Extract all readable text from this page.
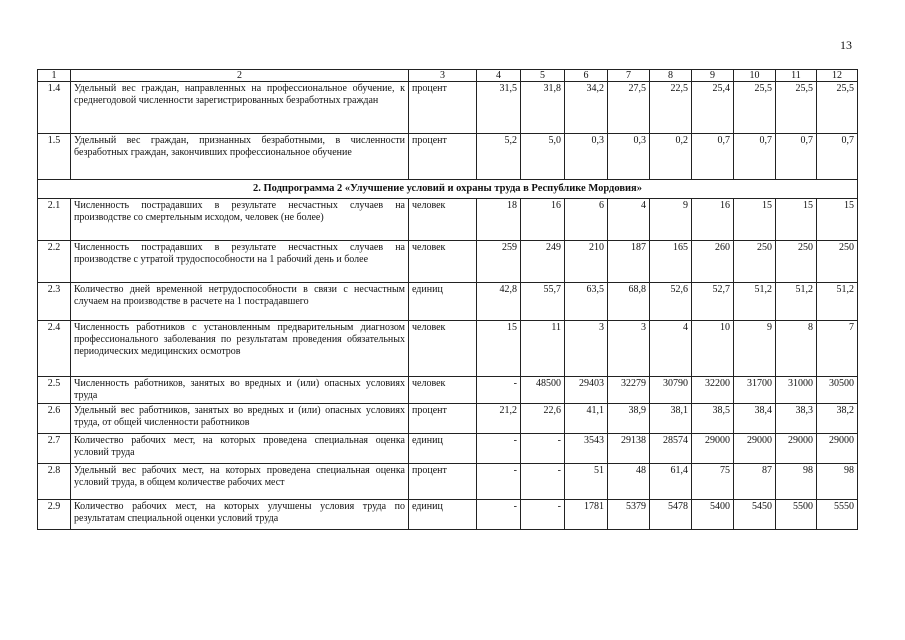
13
1	2	3	4	5	6	7	8	9	10	11	12
1.4	Удельный вес граждан, направленных на профессиональное обучение, к среднегодовой численности зарегистрированных безработных граждан	процент	31,5	31,8	34,2	27,5	22,5	25,4	25,5	25,5	25,5
1.5	Удельный вес граждан, признанных безработными, в численности безработных граждан, закончивших профессиональное обучение	процент	5,2	5,0	0,3	0,3	0,2	0,7	0,7	0,7	0,7
2. Подпрограмма 2 «Улучшение условий и охраны труда в Республике Мордовия»											
2.1	Численность пострадавших в результате несчастных случаев на производстве со смертельным исходом, человек (не более)	человек	18	16	6	4	9	16	15	15	15
2.2	Численность пострадавших в результате несчастных случаев на производстве с утратой трудоспособности на 1 рабочий день и более	человек	259	249	210	187	165	260	250	250	250
2.3	Количество дней временной нетрудоспособности в связи с несчастным случаем на производстве в расчете на 1 пострадавшего	единиц	42,8	55,7	63,5	68,8	52,6	52,7	51,2	51,2	51,2
2.4	Численность работников с установленным предварительным диагнозом профессионального заболевания по результатам проведения обязательных периодических медицинских осмотров	человек	15	11	3	3	4	10	9	8	7
2.5	Численность работников, занятых во вредных и (или) опасных условиях труда	человек	-	48500	29403	32279	30790	32200	31700	31000	30500
2.6	Удельный вес работников, занятых во вредных и (или) опасных условиях труда, от общей численности работников	процент	21,2	22,6	41,1	38,9	38,1	38,5	38,4	38,3	38,2
2.7	Количество рабочих мест, на которых проведена специальная оценка условий труда	единиц	-	-	3543	29138	28574	29000	29000	29000	29000
2.8	Удельный вес рабочих мест, на которых проведена специальная оценка условий труда, в общем количестве рабочих мест	процент	-	-	51	48	61,4	75	87	98	98
2.9	Количество рабочих мест, на которых улучшены условия труда по результатам специальной оценки условий труда	единиц	-	-	1781	5379	5478	5400	5450	5500	5550
